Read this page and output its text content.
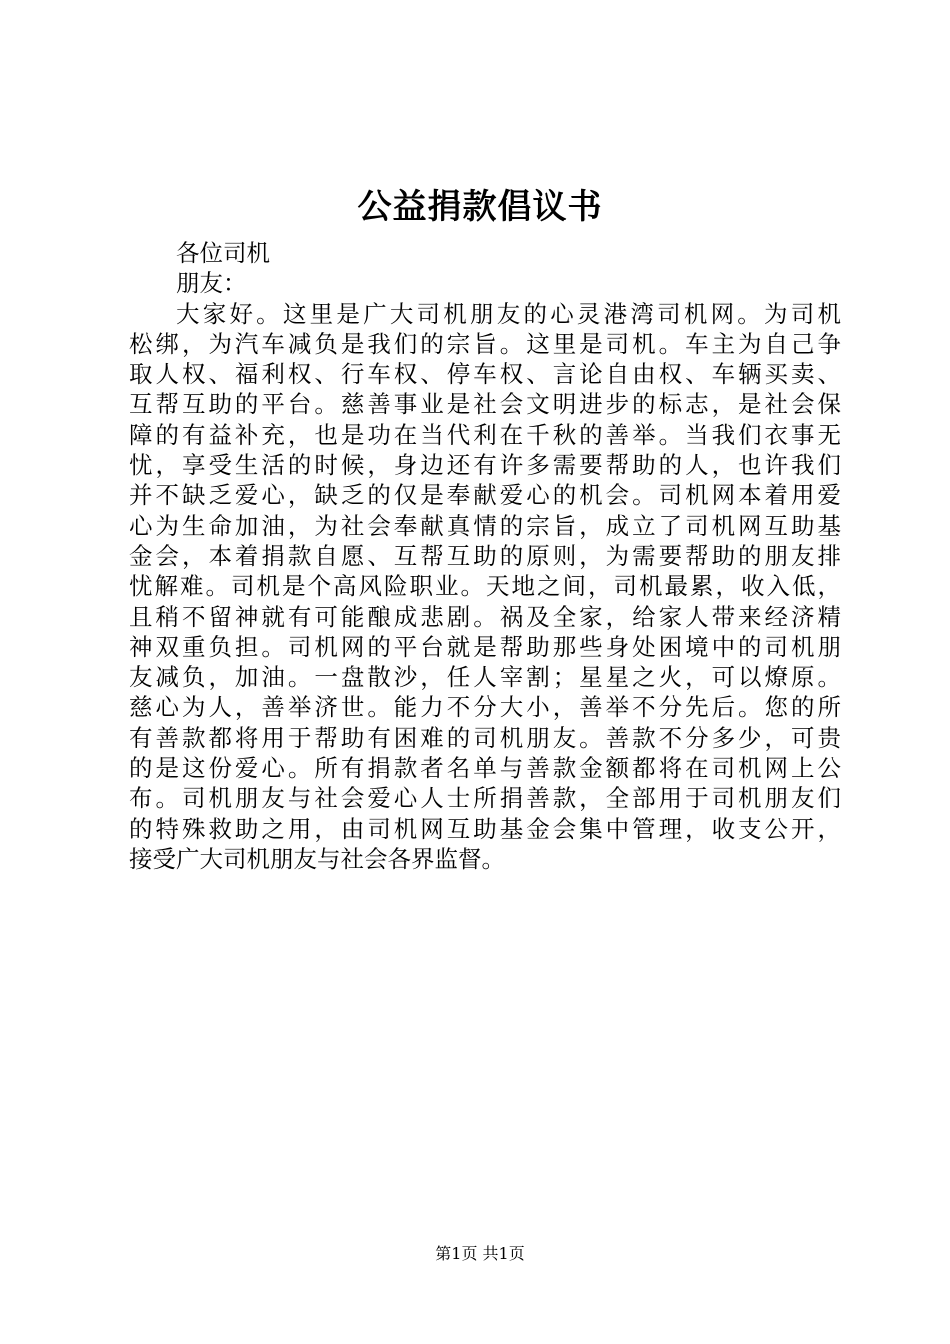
公益捐款倡议书
各位司机
朋友：
大家好。这里是广大司机朋友的心灵港湾司机网。为司机
松绑，为汽车减负是我们的宗旨。这里是司机。车主为自己争
取人权、福利权、行车权、停车权、言论自由权、车辆买卖、
互帮互助的平台。慈善事业是社会文明进步的标志，是社会保
障的有益补充，也是功在当代利在千秋的善举。当我们衣事无
忧，享受生活的时候，身边还有许多需要帮助的人，也许我们
并不缺乏爱心，缺乏的仅是奉献爱心的机会。司机网本着用爱
心为生命加油，为社会奉献真情的宗旨，成立了司机网互助基
金会，本着捐款自愿、互帮互助的原则，为需要帮助的朋友排
忧解难。司机是个高风险职业。天地之间，司机最累，收入低，
且稍不留神就有可能酿成悲剧。祸及全家，给家人带来经济精
神双重负担。司机网的平台就是帮助那些身处困境中的司机朋
友减负，加油。一盘散沙，任人宰割；星星之火，可以燎原。
慈心为人，善举济世。能力不分大小，善举不分先后。您的所
有善款都将用于帮助有困难的司机朋友。善款不分多少，可贵
的是这份爱心。所有捐款者名单与善款金额都将在司机网上公
布。司机朋友与社会爱心人士所捐善款，全部用于司机朋友们
的特殊救助之用，由司机网互助基金会集中管理，收支公开，
接受广大司机朋友与社会各界监督。
第1页 共1页
